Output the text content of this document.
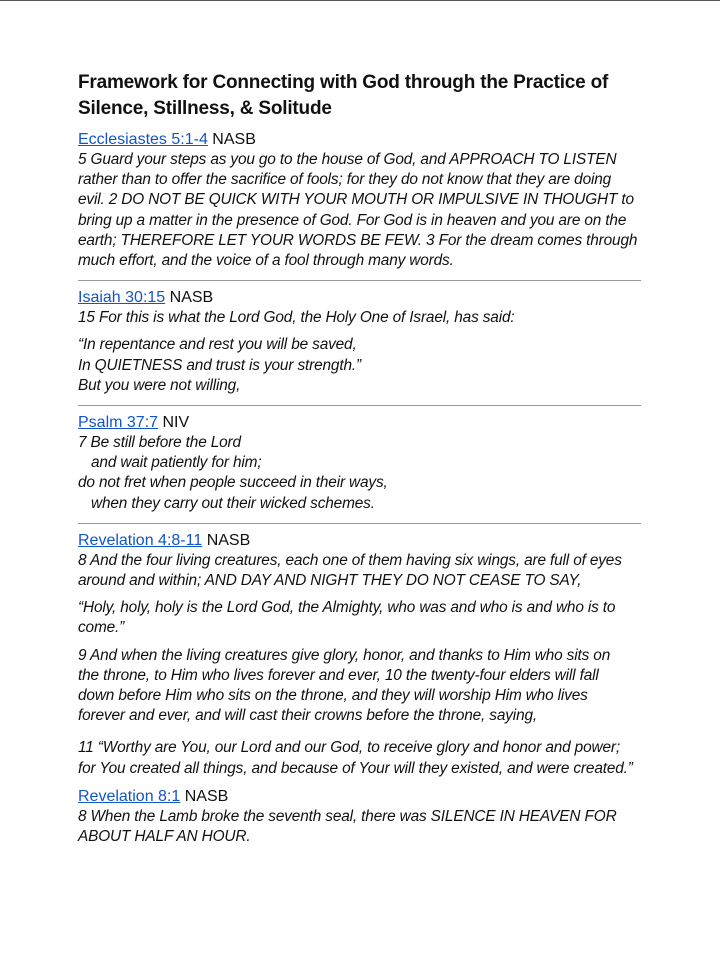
Framework for Connecting with God through the Practice of
Silence, Stillness, & Solitude
Ecclesiastes 5:1-4 NASB

5 Guard your steps as you go to the house of God, and APPROACH TO LISTEN
rather than to offer the sacrifice of fools; for they do not know that they are doing
evil. 2 DO NOT BE QUICK WITH YOUR MOUTH OR IMPULSIVE IN THOUGHT to
bring up a matter in the presence of God. For God is in heaven and you are on the
earth; THEREFORE LET YOUR WORDS BE FEW. 3 For the dream comes through
much effort, and the voice of a fool through many words.

Isaiah 30:15 NASB

15 For this is what the Lord God, the Holy One of Israel, has said:

“In repentance and rest you will be saved,
In QUIETNESS and trust is your strength.”
But you were not willing,

Psalm 37:7 NIV

7 Be still before the Lord
and wait patiently for him;
do not fret when people succeed in their ways,
when they carry out their wicked schemes.

Revelation 4:8-11 NASB

8 And the four living creatures, each one of them having six wings, are full of eyes
around and within; AND DAY AND NIGHT THEY DO NOT CEASE TO SAY,

“Holy, holy, holy is the Lord God, the Almighty, who was and who is and who is to
come.”

9 And when the living creatures give glory, honor, and thanks to Him who sits on
the throne, to Him who lives forever and ever, 10 the twenty-four elders will fall
down before Him who sits on the throne, and they will worship Him who lives
forever and ever, and will cast their crowns before the throne, saying,

11 “Worthy are You, our Lord and our God, to receive glory and honor and power;
for You created all things, and because of Your will they existed, and were created.”

Revelation 8:1 NASB

8 When the Lamb broke the seventh seal, there was SILENCE IN HEAVEN FOR
ABOUT HALF AN HOUR.
